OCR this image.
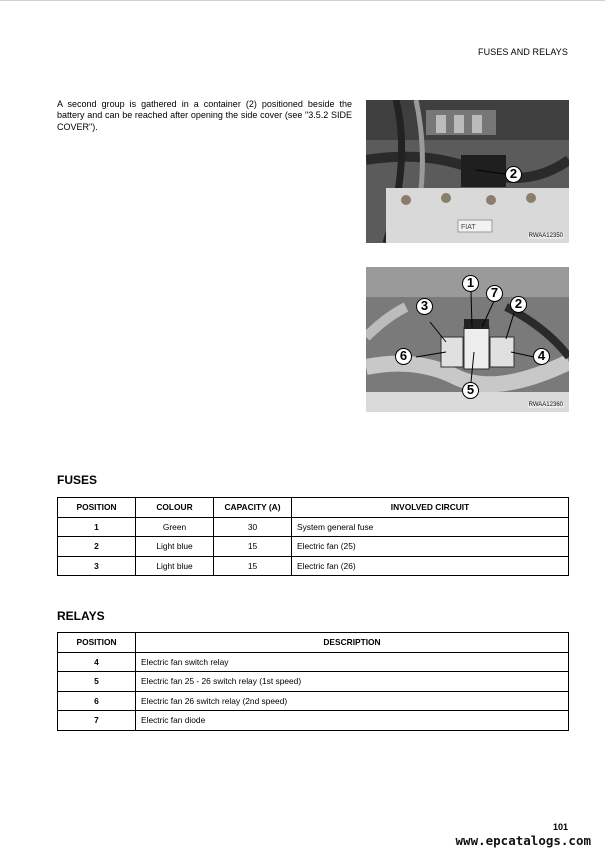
FUSES AND RELAYS
A second group is gathered in a container (2) positioned beside the battery and can be reached after opening the side cover (see "3.5.2 SIDE COVER").
FIAT
2
RWAA12350
1
7
3	2
6	4
5
RWAA12360
FUSES
POSITION	COLOUR	CAPACITY (A)	INVOLVED CIRCUIT
1	Green	30	System general fuse
2	Light blue	15	Electric fan (25)
3	Light blue	15	Electric fan (26)
RELAYS
POSITION	DESCRIPTION
4	Electric fan switch relay
5	Electric fan 25 - 26 switch relay (1st speed)
6	Electric fan 26 switch relay (2nd speed)
7	Electric fan diode
101
www.epcatalogs.com
